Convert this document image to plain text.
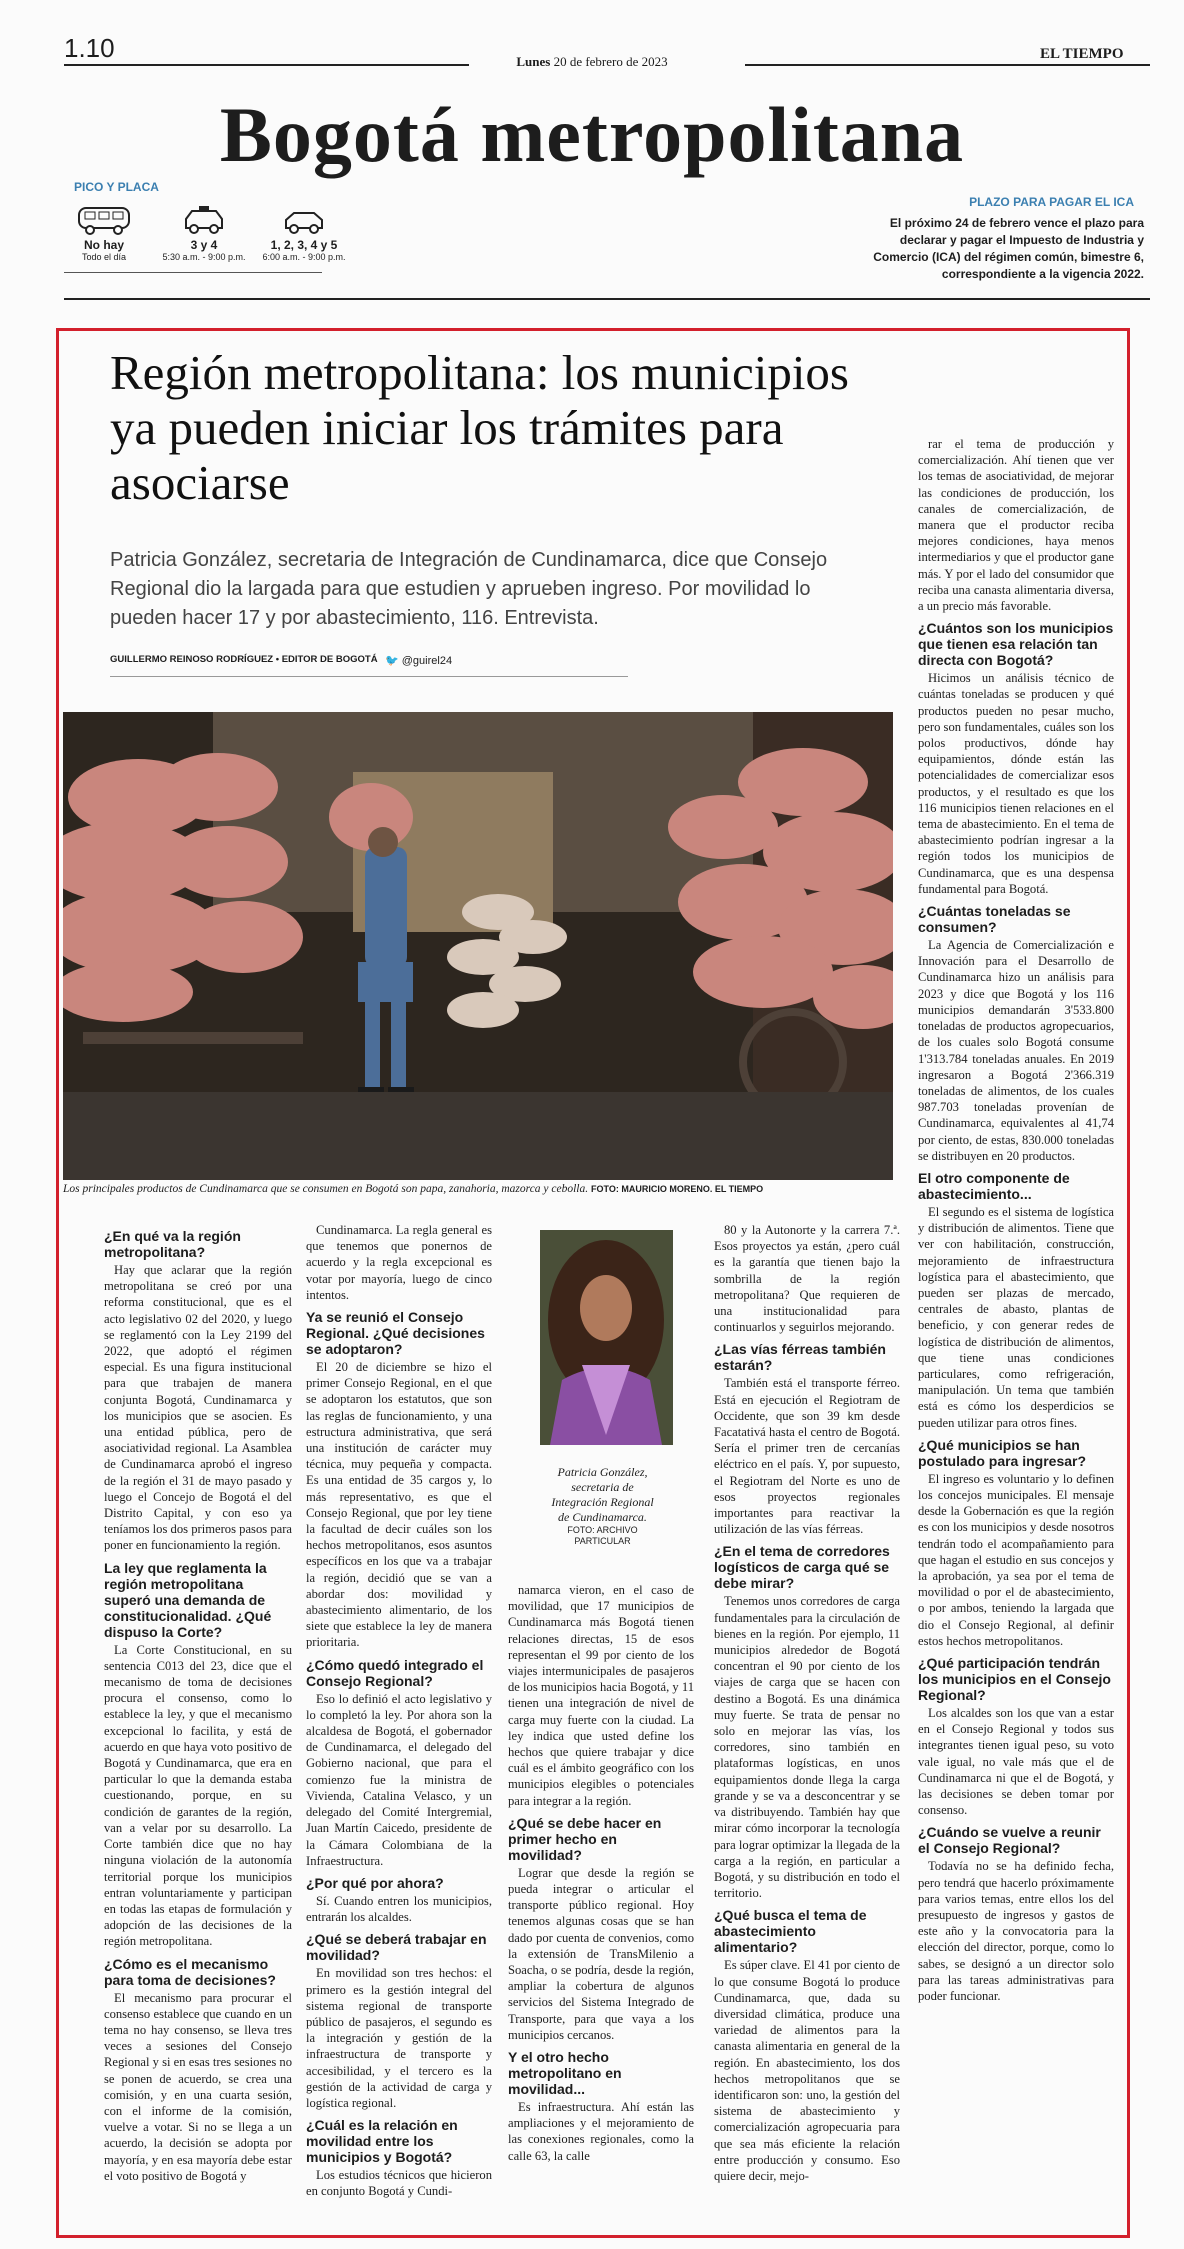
1.10	Lunes 20 de febrero de 2023	EL TIEMPO
Bogotá metropolitana
PICO Y PLACA
No hay
Todo el día
3 y 4
5:30 a.m. - 9:00 p.m.
1, 2, 3, 4 y 5
6:00 a.m. - 9:00 p.m.
PLAZO PARA PAGAR EL ICA
El próximo 24 de febrero vence el plazo para declarar y pagar el Impuesto de Industria y Comercio (ICA) del régimen común, bimestre 6, correspondiente a la vigencia 2022.
Región metropolitana: los municipios ya pueden iniciar los trámites para asociarse
Patricia González, secretaria de Integración de Cundinamarca, dice que Consejo Regional dio la largada para que estudien y aprueben ingreso. Por movilidad lo pueden hacer 17 y por abastecimiento, 116. Entrevista.
GUILLERMO REINOSO RODRÍGUEZ • EDITOR DE BOGOTÁ 🐦 @guirel24
Los principales productos de Cundinamarca que se consumen en Bogotá son papa, zanahoria, mazorca y cebolla. FOTO: MAURICIO MORENO. EL TIEMPO
¿En qué va la región metropolitana?

Hay que aclarar que la región metropolitana se creó por una reforma constitucional, que es el acto legislativo 02 del 2020, y luego se reglamentó con la Ley 2199 del 2022, que adoptó el régimen especial. Es una figura institucional para que trabajen de manera conjunta Bogotá, Cundinamarca y los municipios que se asocien. Es una entidad pública, pero de asociatividad regional. La Asamblea de Cundinamarca aprobó el ingreso de la región el 31 de mayo pasado y luego el Concejo de Bogotá el del Distrito Capital, y con eso ya teníamos los dos primeros pasos para poner en funcionamiento la región.

La ley que reglamenta la región metropolitana superó una demanda de constitucionalidad. ¿Qué dispuso la Corte?

La Corte Constitucional, en su sentencia C013 del 23, dice que el mecanismo de toma de decisiones procura el consenso, como lo establece la ley, y que el mecanismo excepcional lo facilita, y está de acuerdo en que haya voto positivo de Bogotá y Cundinamarca, que era en particular lo que la demanda estaba cuestionando, porque, en su condición de garantes de la región, van a velar por su desarrollo. La Corte también dice que no hay ninguna violación de la autonomía territorial porque los municipios entran voluntariamente y participan en todas las etapas de formulación y adopción de las decisiones de la región metropolitana.

¿Cómo es el mecanismo para toma de decisiones?

El mecanismo para procurar el consenso establece que cuando en un tema no hay consenso, se lleva tres veces a sesiones del Consejo Regional y si en esas tres sesiones no se ponen de acuerdo, se crea una comisión, y en una cuarta sesión, con el informe de la comisión, vuelve a votar. Si no se llega a un acuerdo, la decisión se adopta por mayoría, y en esa mayoría debe estar el voto positivo de Bogotá y

Cundinamarca. La regla general es que tenemos que ponernos de acuerdo y la regla excepcional es votar por mayoría, luego de cinco intentos.

Ya se reunió el Consejo Regional. ¿Qué decisiones se adoptaron?

El 20 de diciembre se hizo el primer Consejo Regional, en el que se adoptaron los estatutos, que son las reglas de funcionamiento, y una estructura administrativa, que será una institución de carácter muy técnica, muy pequeña y compacta. Es una entidad de 35 cargos y, lo más representativo, es que el Consejo Regional, que por ley tiene la facultad de decir cuáles son los hechos metropolitanos, esos asuntos específicos en los que va a trabajar la región, decidió que se van a abordar dos: movilidad y abastecimiento alimentario, de los siete que establece la ley de manera prioritaria.

¿Cómo quedó integrado el Consejo Regional?

Eso lo definió el acto legislativo y lo completó la ley. Por ahora son la alcaldesa de Bogotá, el gobernador de Cundinamarca, el delegado del Gobierno nacional, que para el comienzo fue la ministra de Vivienda, Catalina Velasco, y un delegado del Comité Intergremial, Juan Martín Caicedo, presidente de la Cámara Colombiana de la Infraestructura.

¿Por qué por ahora?

Sí. Cuando entren los municipios, entrarán los alcaldes.

¿Qué se deberá trabajar en movilidad?

En movilidad son tres hechos: el primero es la gestión integral del sistema regional de transporte público de pasajeros, el segundo es la integración y gestión de la infraestructura de transporte y accesibilidad, y el tercero es la gestión de la actividad de carga y logística regional.

¿Cuál es la relación en movilidad entre los municipios y Bogotá?

Los estudios técnicos que hicieron en conjunto Bogotá y Cundi-

Patricia González, secretaria de Integración Regional de Cundinamarca.
FOTO: ARCHIVO PARTICULAR

namarca vieron, en el caso de movilidad, que 17 municipios de Cundinamarca más Bogotá tienen relaciones directas, 15 de esos representan el 99 por ciento de los viajes intermunicipales de pasajeros de los municipios hacia Bogotá, y 11 tienen una integración de nivel de carga muy fuerte con la ciudad. La ley indica que usted define los hechos que quiere trabajar y dice cuál es el ámbito geográfico con los municipios elegibles o potenciales para integrar a la región.

¿Qué se debe hacer en primer hecho en movilidad?

Lograr que desde la región se pueda integrar o articular el transporte público regional. Hoy tenemos algunas cosas que se han dado por cuenta de convenios, como la extensión de TransMilenio a Soacha, o se podría, desde la región, ampliar la cobertura de algunos servicios del Sistema Integrado de Transporte, para que vaya a los municipios cercanos.

Y el otro hecho metropolitano en movilidad...

Es infraestructura. Ahí están las ampliaciones y el mejoramiento de las conexiones regionales, como la calle 63, la calle

80 y la Autonorte y la carrera 7.ª. Esos proyectos ya están, ¿pero cuál es la garantía que tienen bajo la sombrilla de la región metropolitana? Que requieren de una institucionalidad para continuarlos y seguirlos mejorando.

¿Las vías férreas también estarán?

También está el transporte férreo. Está en ejecución el Regiotram de Occidente, que son 39 km desde Facatativá hasta el centro de Bogotá. Sería el primer tren de cercanías eléctrico en el país. Y, por supuesto, el Regiotram del Norte es uno de esos proyectos regionales importantes para reactivar la utilización de las vías férreas.

¿En el tema de corredores logísticos de carga qué se debe mirar?

Tenemos unos corredores de carga fundamentales para la circulación de bienes en la región. Por ejemplo, 11 municipios alrededor de Bogotá concentran el 90 por ciento de los viajes de carga que se hacen con destino a Bogotá. Es una dinámica muy fuerte. Se trata de pensar no solo en mejorar las vías, los corredores, sino también en plataformas logísticas, en unos equipamientos donde llega la carga grande y se va a desconcentrar y se va distribuyendo. También hay que mirar cómo incorporar la tecnología para lograr optimizar la llegada de la carga a la región, en particular a Bogotá, y su distribución en todo el territorio.

¿Qué busca el tema de abastecimiento alimentario?

Es súper clave. El 41 por ciento de lo que consume Bogotá lo produce Cundinamarca, que, dada su diversidad climática, produce una variedad de alimentos para la canasta alimentaria en general de la región. En abastecimiento, los dos hechos metropolitanos que se identificaron son: uno, la gestión del sistema de abastecimiento y comercialización agropecuaria para que sea más eficiente la relación entre producción y consumo. Eso quiere decir, mejo-

rar el tema de producción y comercialización. Ahí tienen que ver los temas de asociatividad, de mejorar las condiciones de producción, los canales de comercialización, de manera que el productor reciba mejores condiciones, haya menos intermediarios y que el productor gane más. Y por el lado del consumidor que reciba una canasta alimentaria diversa, a un precio más favorable.

¿Cuántos son los municipios que tienen esa relación tan directa con Bogotá?

Hicimos un análisis técnico de cuántas toneladas se producen y qué productos pueden no pesar mucho, pero son fundamentales, cuáles son los polos productivos, dónde hay equipamientos, dónde están las potencialidades de comercializar esos productos, y el resultado es que los 116 municipios tienen relaciones en el tema de abastecimiento. En el tema de abastecimiento podrían ingresar a la región todos los municipios de Cundinamarca, que es una despensa fundamental para Bogotá.

¿Cuántas toneladas se consumen?

La Agencia de Comercialización e Innovación para el Desarrollo de Cundinamarca hizo un análisis para 2023 y dice que Bogotá y los 116 municipios demandarán 3'533.800 toneladas de productos agropecuarios, de los cuales solo Bogotá consume 1'313.784 toneladas anuales. En 2019 ingresaron a Bogotá 2'366.319 toneladas de alimentos, de los cuales 987.703 toneladas provenían de Cundinamarca, equivalentes al 41,74 por ciento, de estas, 830.000 toneladas se distribuyen en 20 productos.

El otro componente de abastecimiento...

El segundo es el sistema de logística y distribución de alimentos. Tiene que ver con habilitación, construcción, mejoramiento de infraestructura logística para el abastecimiento, que pueden ser plazas de mercado, centrales de abasto, plantas de beneficio, y con generar redes de logística de distribución de alimentos, que tiene unas condiciones particulares, como refrigeración, manipulación. Un tema que también está es cómo los desperdicios se pueden utilizar para otros fines.

¿Qué municipios se han postulado para ingresar?

El ingreso es voluntario y lo definen los concejos municipales. El mensaje desde la Gobernación es que la región es con los municipios y desde nosotros tendrán todo el acompañamiento para que hagan el estudio en sus concejos y la aprobación, ya sea por el tema de movilidad o por el de abastecimiento, o por ambos, teniendo la largada que dio el Consejo Regional, al definir estos hechos metropolitanos.

¿Qué participación tendrán los municipios en el Consejo Regional?

Los alcaldes son los que van a estar en el Consejo Regional y todos sus integrantes tienen igual peso, su voto vale igual, no vale más que el de Cundinamarca ni que el de Bogotá, y las decisiones se deben tomar por consenso.

¿Cuándo se vuelve a reunir el Consejo Regional?

Todavía no se ha definido fecha, pero tendrá que hacerlo próximamente para varios temas, entre ellos los del presupuesto de ingresos y gastos de este año y la convocatoria para la elección del director, porque, como lo sabes, se designó a un director solo para las tareas administrativas para poder funcionar.
